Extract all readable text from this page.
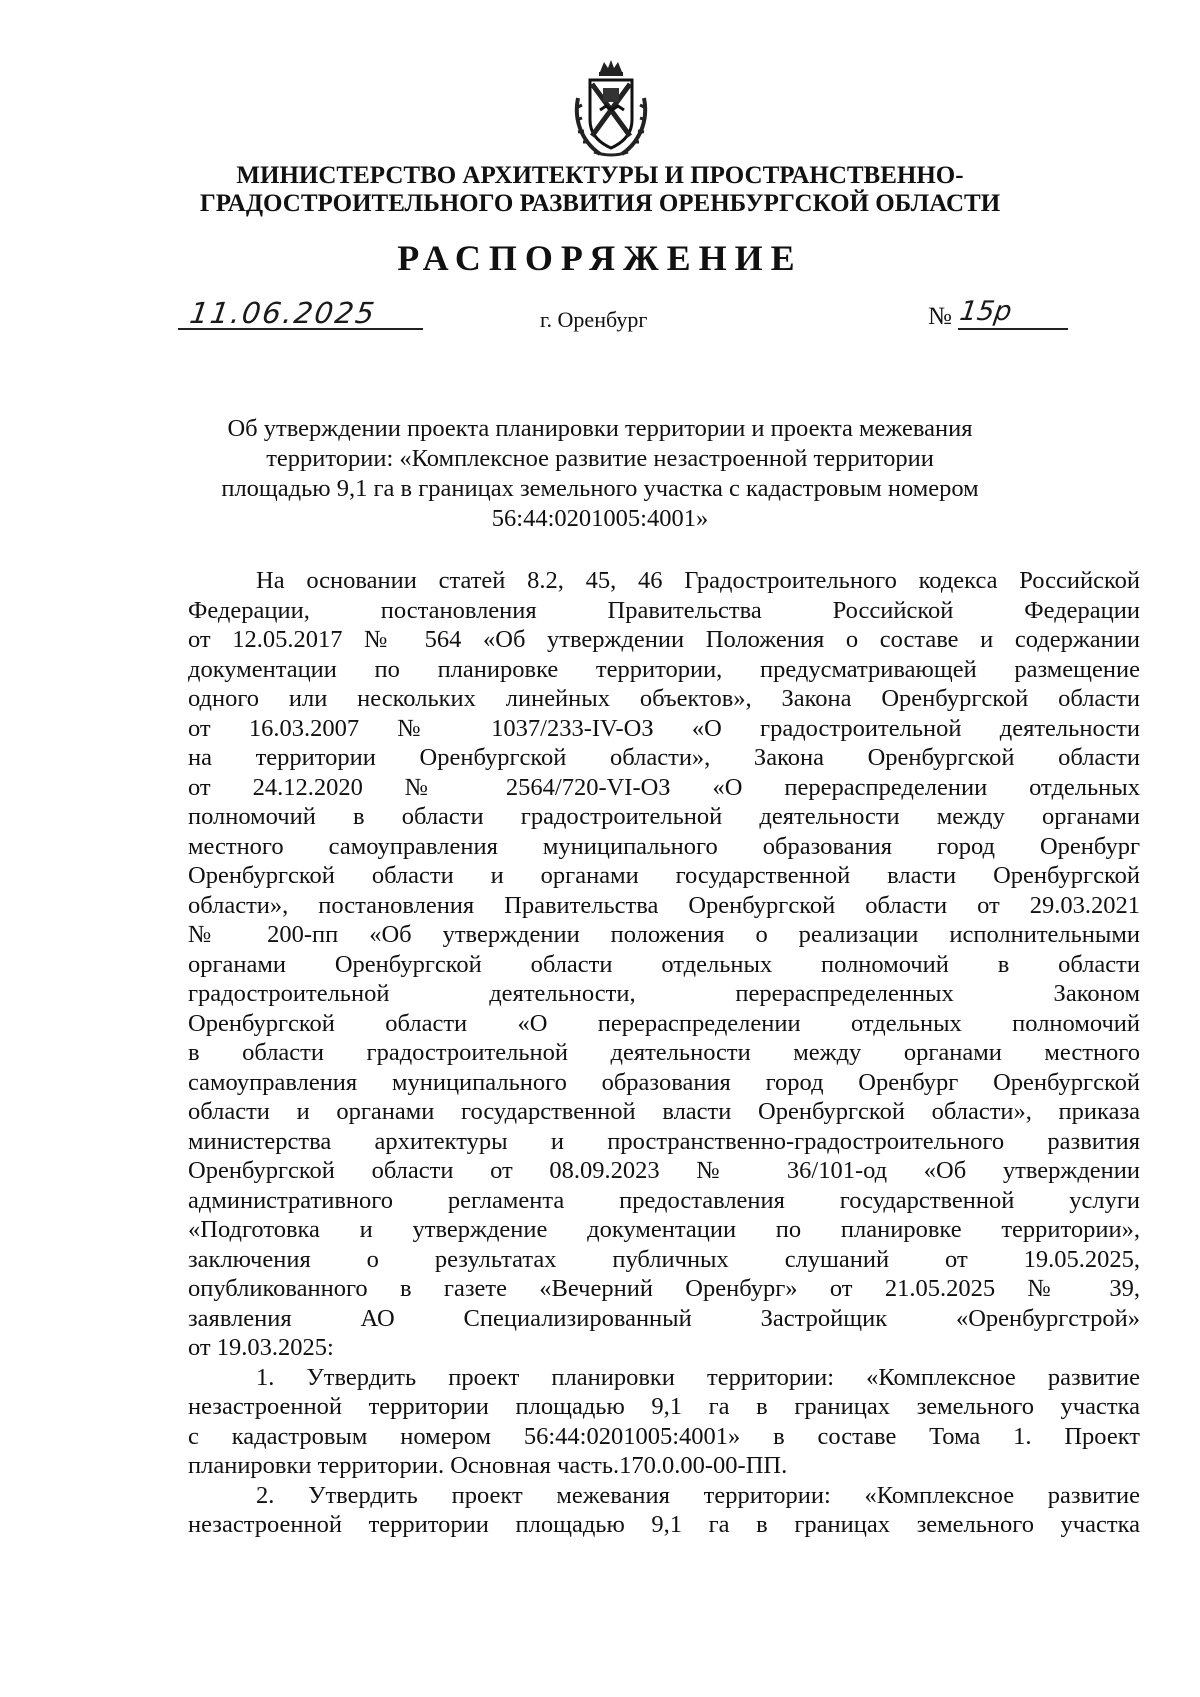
МИНИСТЕРСТВО АРХИТЕКТУРЫ И ПРОСТРАНСТВЕННО-
ГРАДОСТРОИТЕЛЬНОГО РАЗВИТИЯ ОРЕНБУРГСКОЙ ОБЛАСТИ
РАСПОРЯЖЕНИЕ
11.06.2025	г. Оренбург	№ 15р
Об утверждении проекта планировки территории и проекта межевания
территории: «Комплексное развитие незастроенной территории
площадью 9,1 га в границах земельного участка с кадастровым номером
56:44:0201005:4001»
На основании статей 8.2, 45, 46 Градостроительного кодекса Российской
Федерации, постановления Правительства Российской Федерации
от 12.05.2017 № 564 «Об утверждении Положения о составе и содержании
документации по планировке территории, предусматривающей размещение
одного или нескольких линейных объектов», Закона Оренбургской области
от 16.03.2007 № 1037/233-IV-ОЗ «О градостроительной деятельности
на территории Оренбургской области», Закона Оренбургской области
от 24.12.2020 № 2564/720-VI-ОЗ «О перераспределении отдельных
полномочий в области градостроительной деятельности между органами
местного самоуправления муниципального образования город Оренбург
Оренбургской области и органами государственной власти Оренбургской
области», постановления Правительства Оренбургской области от 29.03.2021
№ 200-пп «Об утверждении положения о реализации исполнительными
органами Оренбургской области отдельных полномочий в области
градостроительной деятельности, перераспределенных Законом
Оренбургской области «О перераспределении отдельных полномочий
в области градостроительной деятельности между органами местного
самоуправления муниципального образования город Оренбург Оренбургской
области и органами государственной власти Оренбургской области», приказа
министерства архитектуры и пространственно-градостроительного развития
Оренбургской области от 08.09.2023 № 36/101-од «Об утверждении
административного регламента предоставления государственной услуги
«Подготовка и утверждение документации по планировке территории»,
заключения о результатах публичных слушаний от 19.05.2025,
опубликованного в газете «Вечерний Оренбург» от 21.05.2025 № 39,
заявления АО Специализированный Застройщик «Оренбургстрой»
от 19.03.2025:
1. Утвердить проект планировки территории: «Комплексное развитие
незастроенной территории площадью 9,1 га в границах земельного участка
с кадастровым номером 56:44:0201005:4001» в составе Тома 1. Проект
планировки территории. Основная часть.170.0.00-00-ПП.
2. Утвердить проект межевания территории: «Комплексное развитие
незастроенной территории площадью 9,1 га в границах земельного участка
